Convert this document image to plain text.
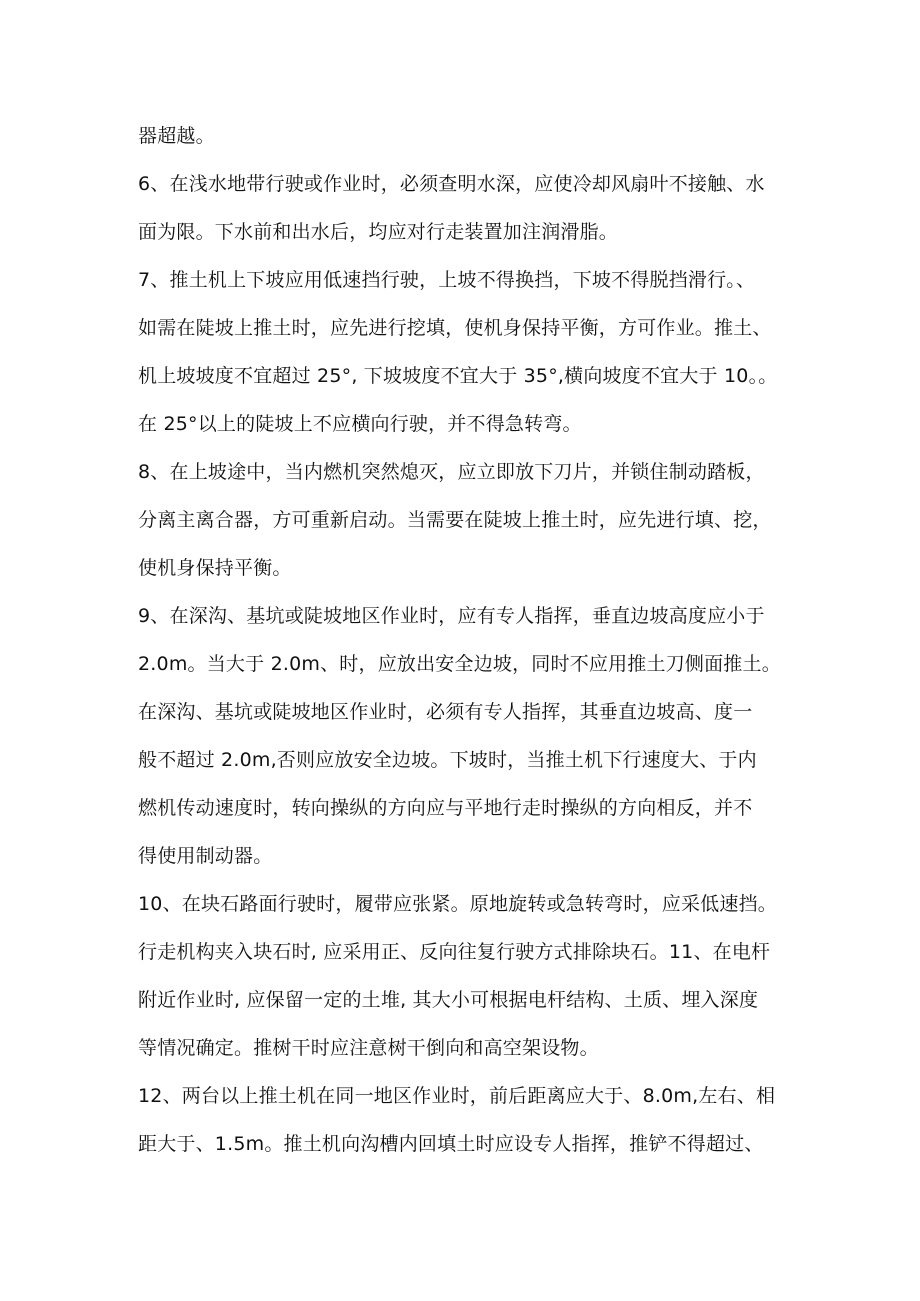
器超越。
6、在浅水地带行驶或作业时，必须查明水深，应使冷却风扇叶不接触、水
面为限。下水前和出水后，均应对行走装置加注润滑脂。
7、推土机上下坡应用低速挡行驶，上坡不得换挡，下坡不得脱挡滑行。、
如需在陡坡上推土时，应先进行挖填，使机身保持平衡，方可作业。推土、
机上坡坡度不宜超过 25°, 下坡坡度不宜大于 35°,横向坡度不宜大于 10。。
在 25°以上的陡坡上不应横向行驶，并不得急转弯。
8、在上坡途中，当内燃机突然熄灭，应立即放下刀片，并锁住制动踏板，
分离主离合器，方可重新启动。当需要在陡坡上推土时，应先进行填、挖，
使机身保持平衡。
9、在深沟、基坑或陡坡地区作业时，应有专人指挥，垂直边坡高度应小于
2.0m。当大于 2.0m、时，应放出安全边坡，同时不应用推土刀侧面推土。
在深沟、基坑或陡坡地区作业时，必须有专人指挥，其垂直边坡高、度一
般不超过 2.0m,否则应放安全边坡。下坡时，当推土机下行速度大、于内
燃机传动速度时，转向操纵的方向应与平地行走时操纵的方向相反，并不
得使用制动器。
10、在块石路面行驶时，履带应张紧。原地旋转或急转弯时，应采低速挡。
行走机构夹入块石时, 应采用正、反向往复行驶方式排除块石。11、在电杆
附近作业时, 应保留一定的土堆, 其大小可根据电杆结构、土质、埋入深度
等情况确定。推树干时应注意树干倒向和高空架设物。
12、两台以上推土机在同一地区作业时，前后距离应大于、8.0m,左右、相
距大于、1.5m。推土机向沟槽内回填土时应设专人指挥，推铲不得超过、
